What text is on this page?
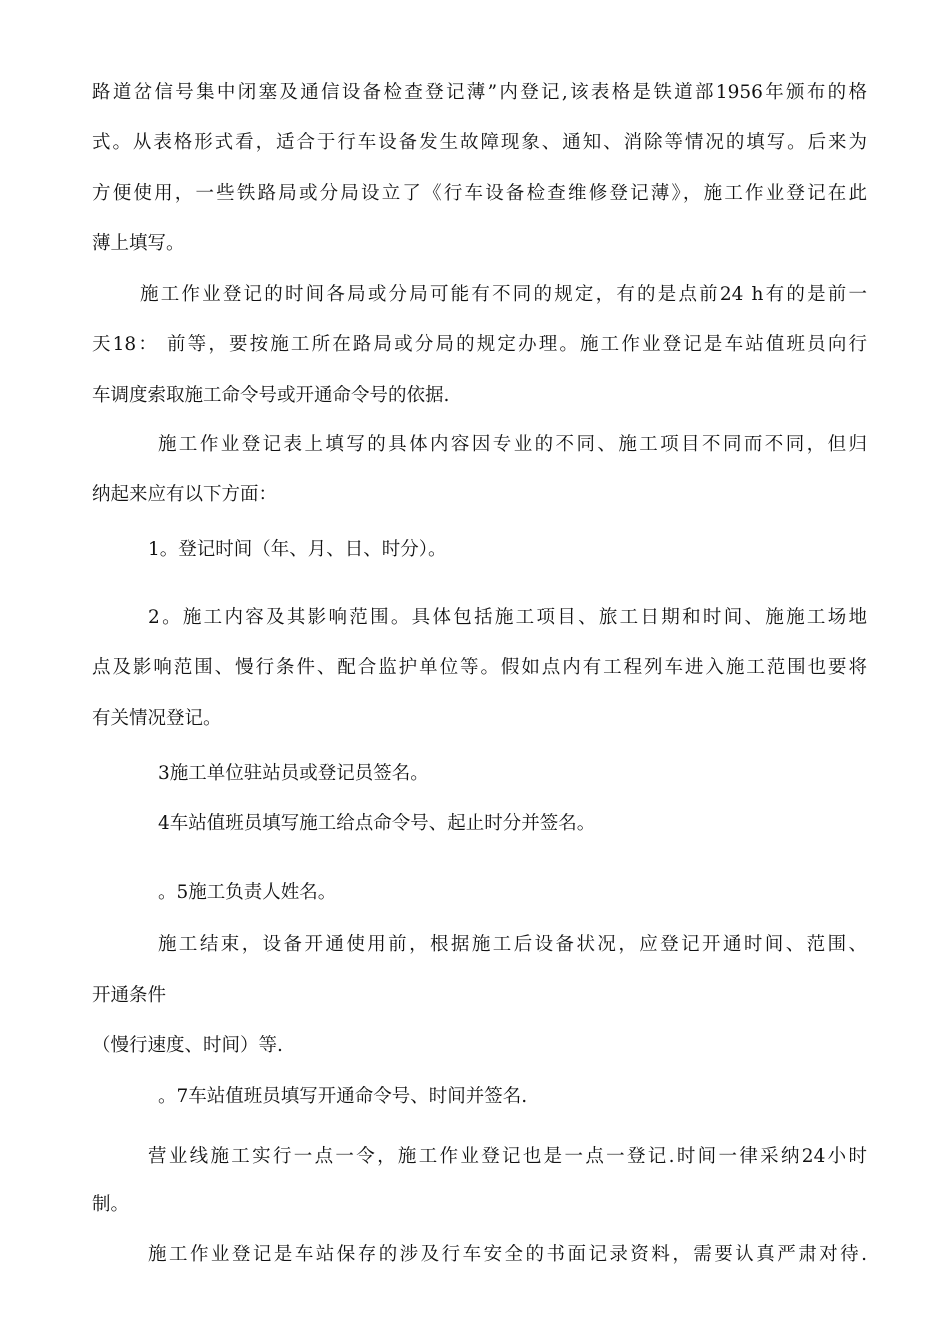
路道岔信号集中闭塞及通信设备检查登记薄”内登记,该表格是铁道部1956年颁布的格
式。从表格形式看，适合于行车设备发生故障现象、通知、消除等情况的填写。后来为
方便使用，一些铁路局或分局设立了《行车设备检查维修登记薄》，施工作业登记在此
薄上填写。
施工作业登记的时间各局或分局可能有不同的规定，有的是点前24 h有的是前一
天18： 前等，要按施工所在路局或分局的规定办理。施工作业登记是车站值班员向行
车调度索取施工命令号或开通命令号的依据.
施工作业登记表上填写的具体内容因专业的不同、施工项目不同而不同，但归
纳起来应有以下方面：
1。登记时间（年、月、日、时分）。
2。施工内容及其影响范围。具体包括施工项目、旅工日期和时间、施施工场地
点及影响范围、慢行条件、配合监护单位等。假如点内有工程列车进入施工范围也要将
有关情况登记。
3施工单位驻站员或登记员签名。
4车站值班员填写施工给点命令号、起止时分并签名。
。5施工负责人姓名。
施工结束，设备开通使用前，根据施工后设备状况，应登记开通时间、范围、
开通条件
（慢行速度、时间）等.
。7车站值班员填写开通命令号、时间并签名.
营业线施工实行一点一令，施工作业登记也是一点一登记.时间一律采纳24小时
制。
施工作业登记是车站保存的涉及行车安全的书面记录资料，需要认真严肃对待.
